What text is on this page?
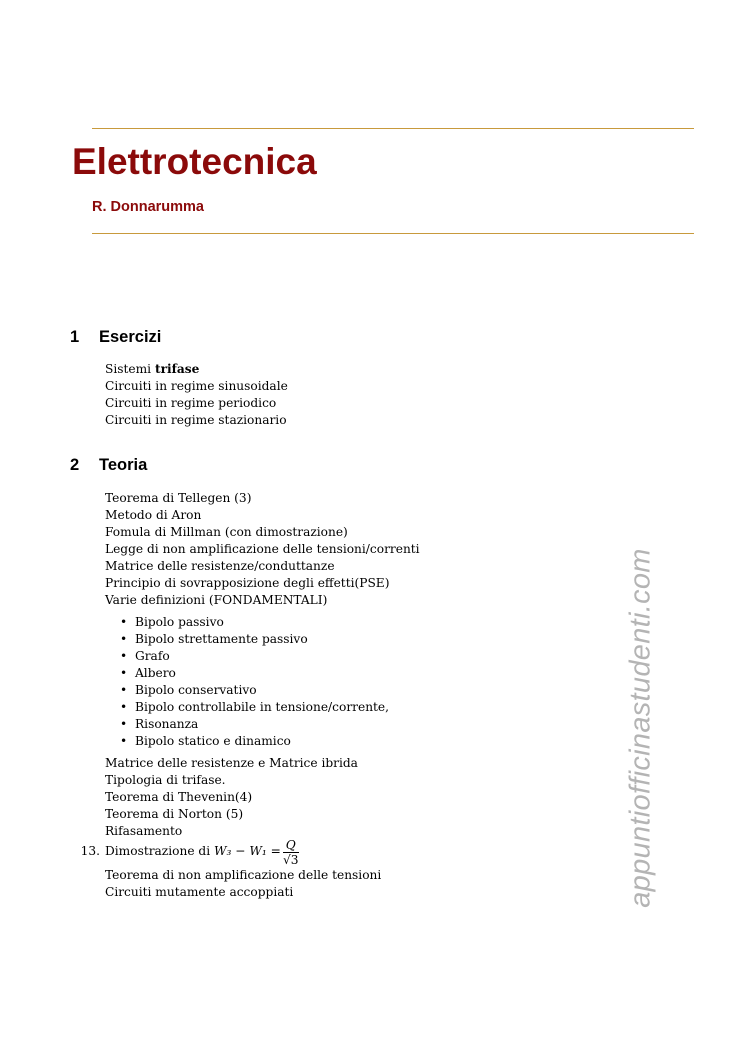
Elettrotecnica
R. Donnarumma
1 Esercizi
Sistemi trifase
Circuiti in regime sinusoidale
Circuiti in regime periodico
Circuiti in regime stazionario
2 Teoria
Teorema di Tellegen (3)
Metodo di Aron
Fomula di Millman (con dimostrazione)
Legge di non amplificazione delle tensioni/correnti
Matrice delle resistenze/conduttanze
Principio di sovrapposizione degli effetti(PSE)
Varie definizioni (FONDAMENTALI)
• Bipolo passivo
• Bipolo strettamente passivo
• Grafo
• Albero
• Bipolo conservativo
• Bipolo controllabile in tensione/corrente,
• Risonanza
• Bipolo statico e dinamico
Matrice delle resistenze e Matrice ibrida
Tipologia di trifase.
Teorema di Thevenin(4)
Teorema di Norton (5)
Rifasamento
13. Dimostrazione di $W_3 - W_1 = \frac{Q}{√3}$
Teorema di non amplificazione delle tensioni
Circuiti mutamente accoppiati	appuntiofficinastudenti.com
